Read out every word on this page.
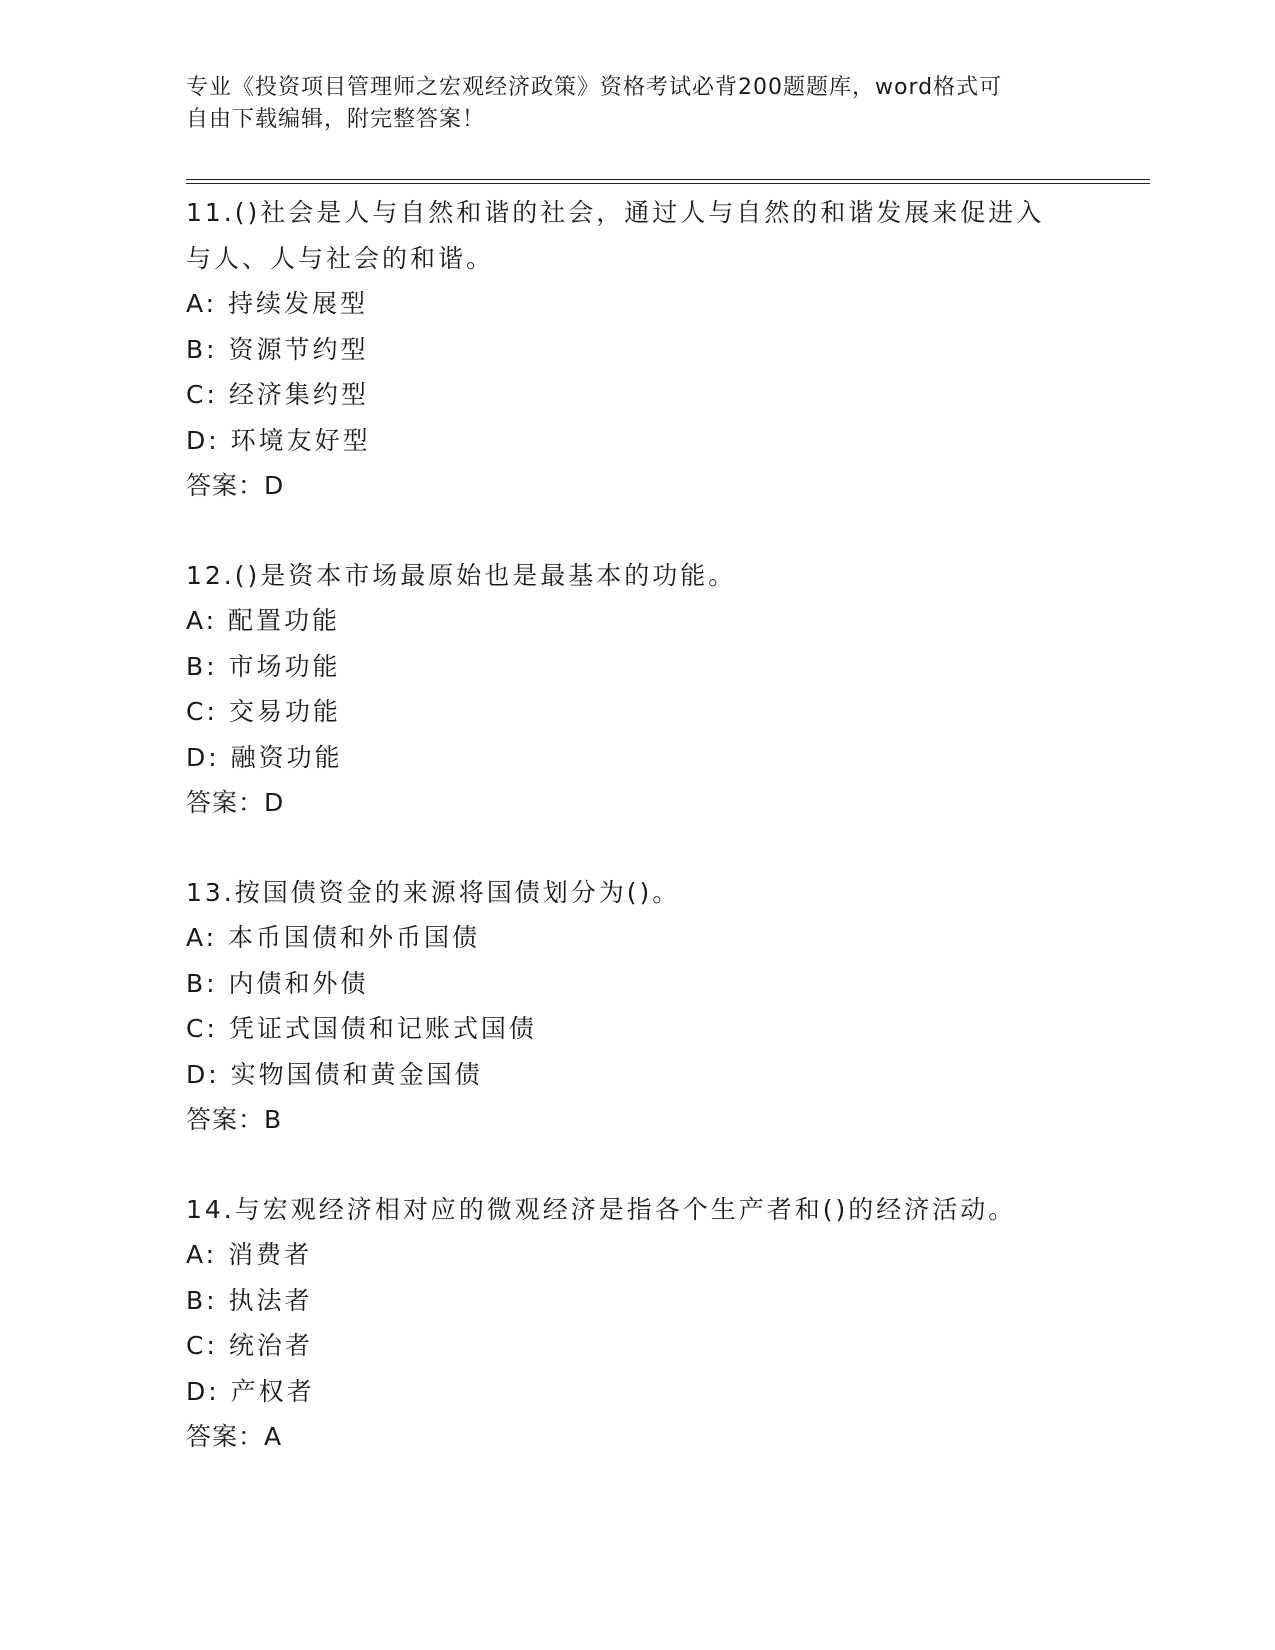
专业《投资项目管理师之宏观经济政策》资格考试必背200题题库，word格式可
自由下载编辑，附完整答案！
11.()社会是人与自然和谐的社会，通过人与自然的和谐发展来促进入
与人、人与社会的和谐。
A: 持续发展型
B: 资源节约型
C: 经济集约型
D: 环境友好型
答案：D
12.()是资本市场最原始也是最基本的功能。
A: 配置功能
B: 市场功能
C: 交易功能
D: 融资功能
答案：D
13.按国债资金的来源将国债划分为()。
A: 本币国债和外币国债
B: 内债和外债
C: 凭证式国债和记账式国债
D: 实物国债和黄金国债
答案：B
14.与宏观经济相对应的微观经济是指各个生产者和()的经济活动。
A: 消费者
B: 执法者
C: 统治者
D: 产权者
答案：A
